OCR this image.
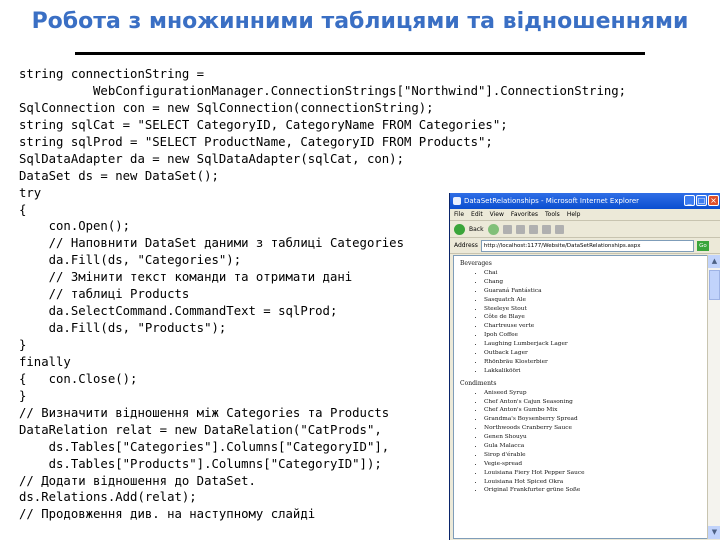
Робота з множинними таблицями та відношеннями
string connectionString =
WebConfigurationManager.ConnectionStrings["Northwind"].ConnectionString;
SqlConnection con = new SqlConnection(connectionString);
string sqlCat = "SELECT CategoryID, CategoryName FROM Categories";
string sqlProd = "SELECT ProductName, CategoryID FROM Products";
SqlDataAdapter da = new SqlDataAdapter(sqlCat, con);
DataSet ds = new DataSet();
try
{
con.Open();
// Наповнити DataSet даними з таблиці Categories
da.Fill(ds, "Categories");
// Змінити текст команди та отримати дані
// таблиці Products
da.SelectCommand.CommandText = sqlProd;
da.Fill(ds, "Products");
}
finally
{   con.Close();
}
// Визначити відношення між Categories та Products
DataRelation relat = new DataRelation("CatProds",
ds.Tables["Categories"].Columns["CategoryID"],
ds.Tables["Products"].Columns["CategoryID"]);
// Додати відношення до DataSet.
ds.Relations.Add(relat);
// Продовження див. на наступному слайді
DataSetRelationships - Microsoft Internet Explorer	_ □ ×
File Edit View Favorites Tools Help
Back
Address	http://localhost:1177/Website/DataSetRelationships.aspx	Go
Beverages
• Chai
• Chang
• Guaraná Fantástica
• Sasquatch Ale
• Steeleye Stout
• Côte de Blaye
• Chartreuse verte
• Ipoh Coffee
• Laughing Lumberjack Lager
• Outback Lager
• Rhönbräu Klosterbier
• Lakkalikööri
Condiments
• Aniseed Syrup
• Chef Anton's Cajun Seasoning
• Chef Anton's Gumbo Mix
• Grandma's Boysenberry Spread
• Northwoods Cranberry Sauce
• Genen Shouyu
• Gula Malacca
• Sirop d'érable
• Vegie-spread
• Louisiana Fiery Hot Pepper Sauce
• Louisiana Hot Spiced Okra
• Original Frankfurter grüne Soße
▲
▼
